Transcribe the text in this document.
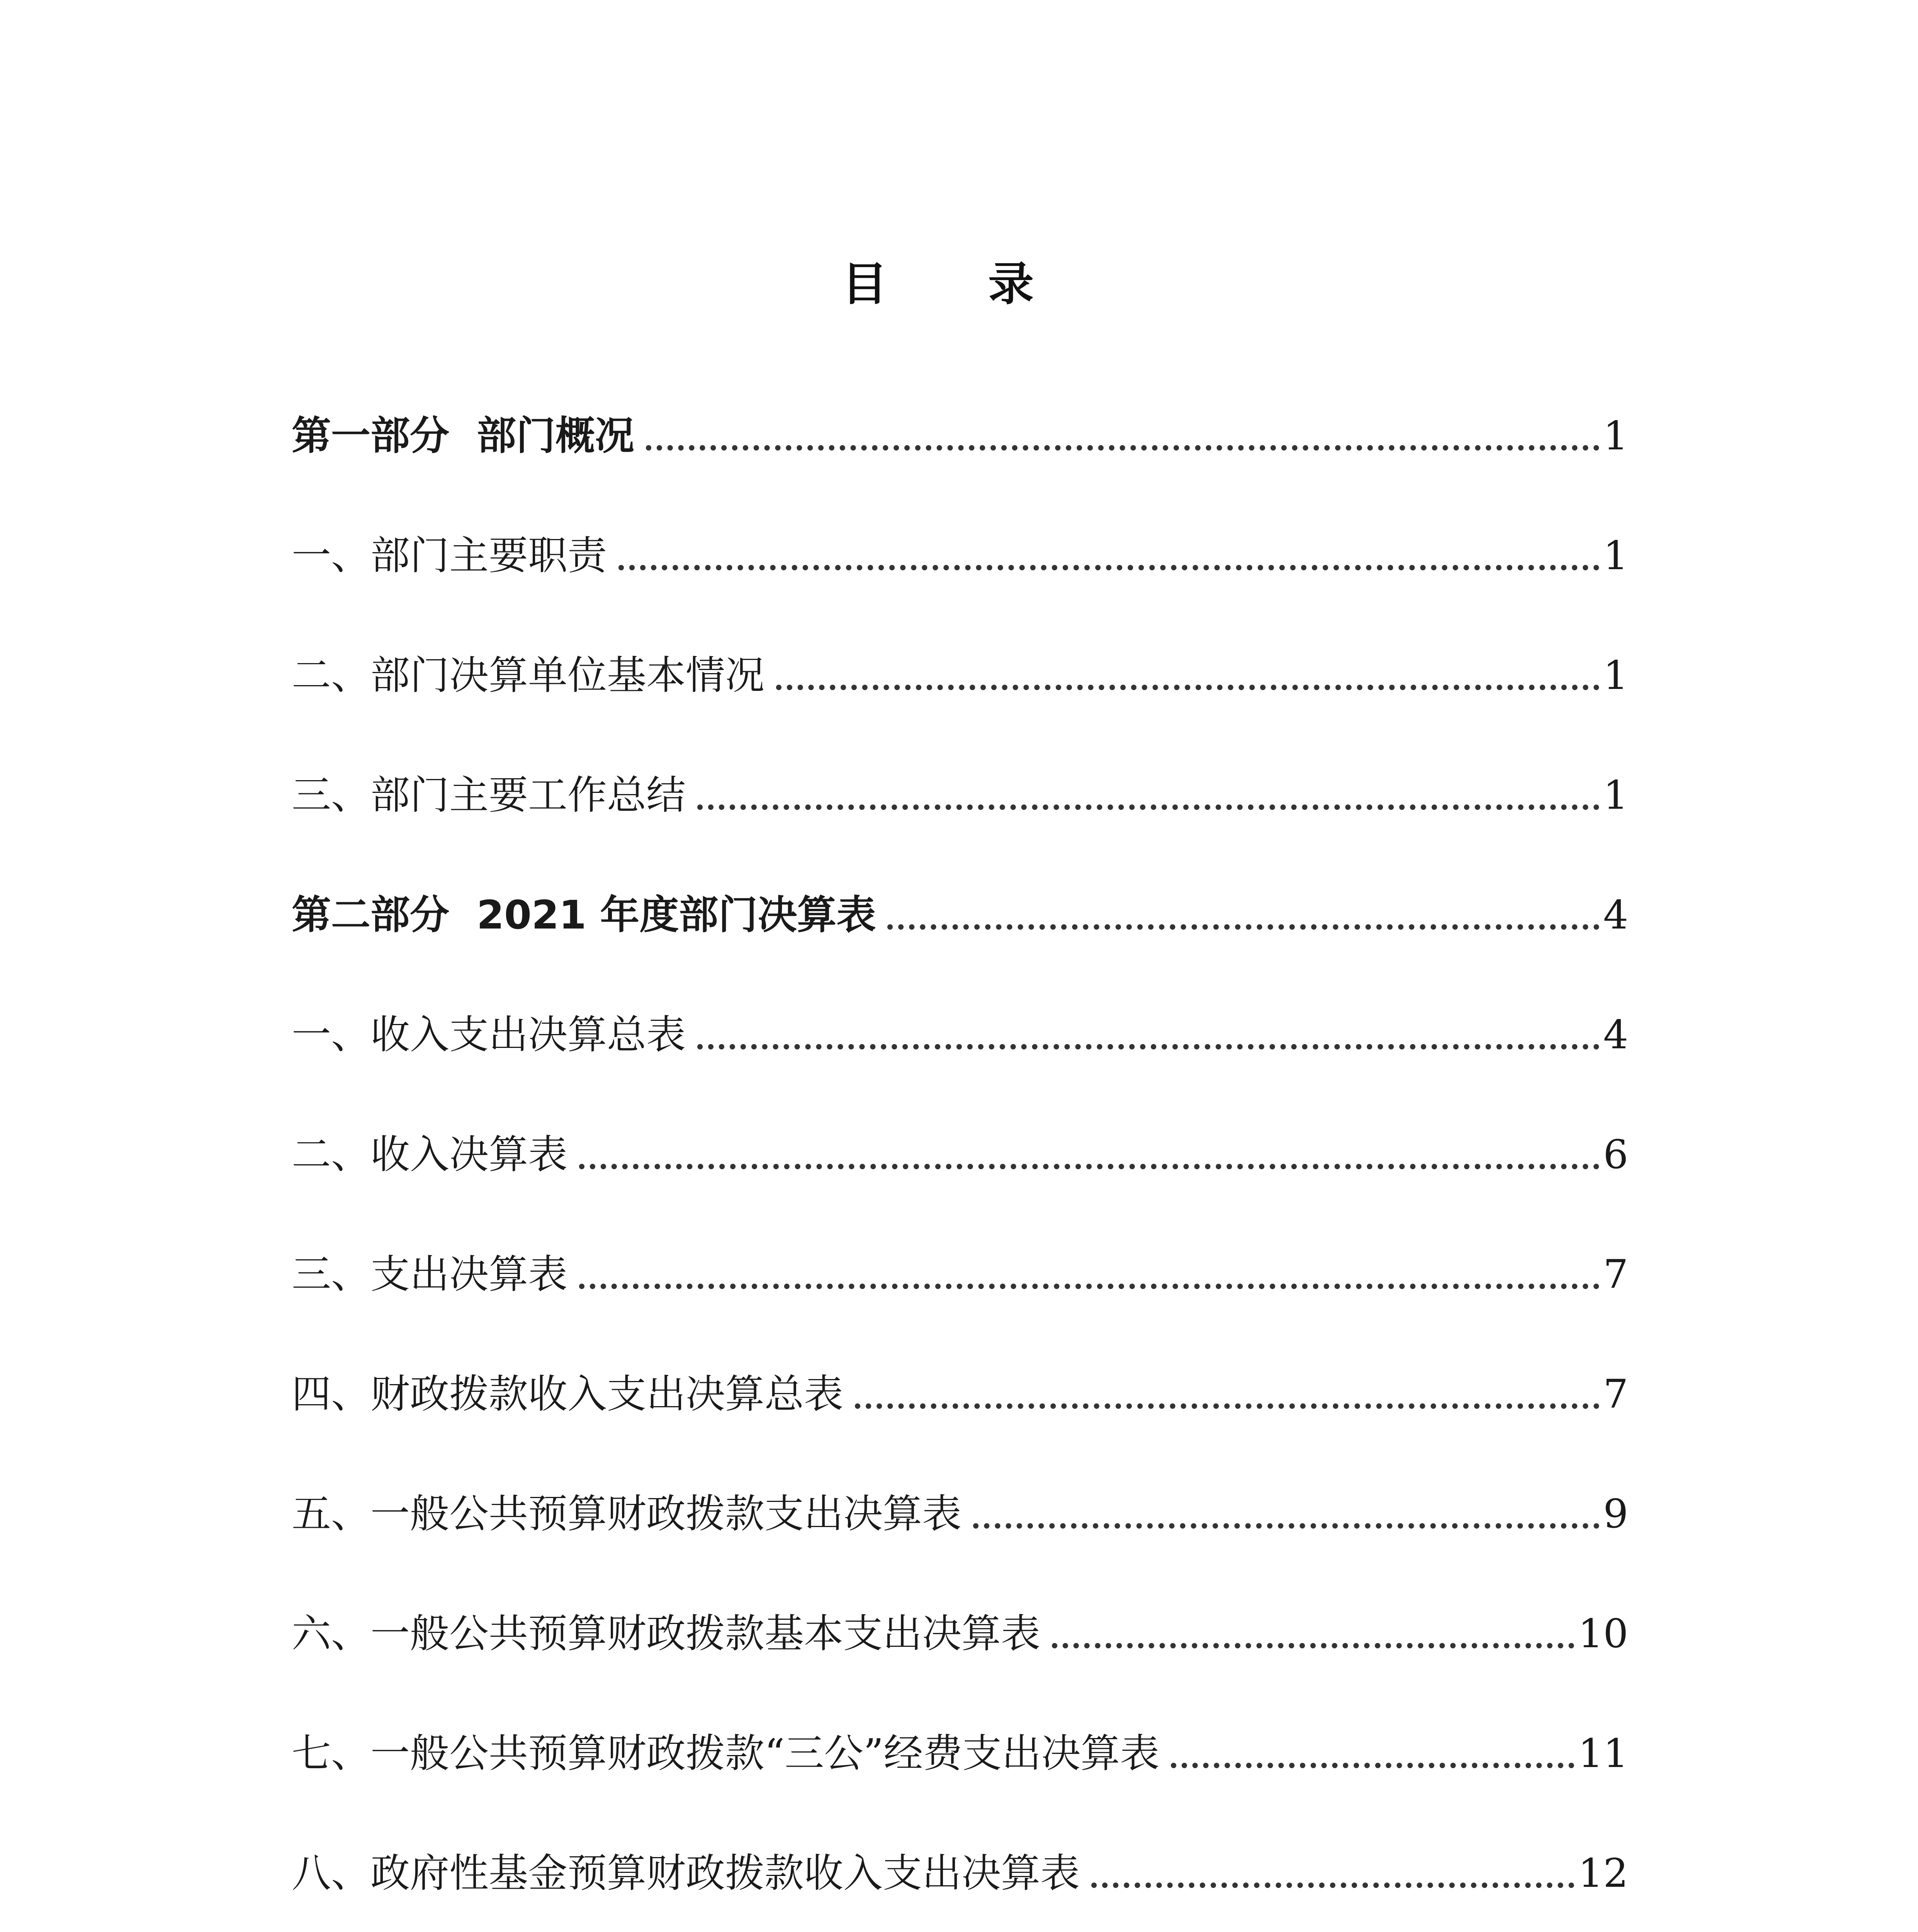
目 录
第一部分  部门概况	1
一、部门主要职责	1
二、部门决算单位基本情况	1
三、部门主要工作总结	1
第二部分  2021 年度部门决算表	4
一、收入支出决算总表	4
二、收入决算表	6
三、支出决算表	7
四、财政拨款收入支出决算总表	7
五、一般公共预算财政拨款支出决算表	9
六、一般公共预算财政拨款基本支出决算表	10
七、一般公共预算财政拨款“三公”经费支出决算表	11
八、政府性基金预算财政拨款收入支出决算表	12
